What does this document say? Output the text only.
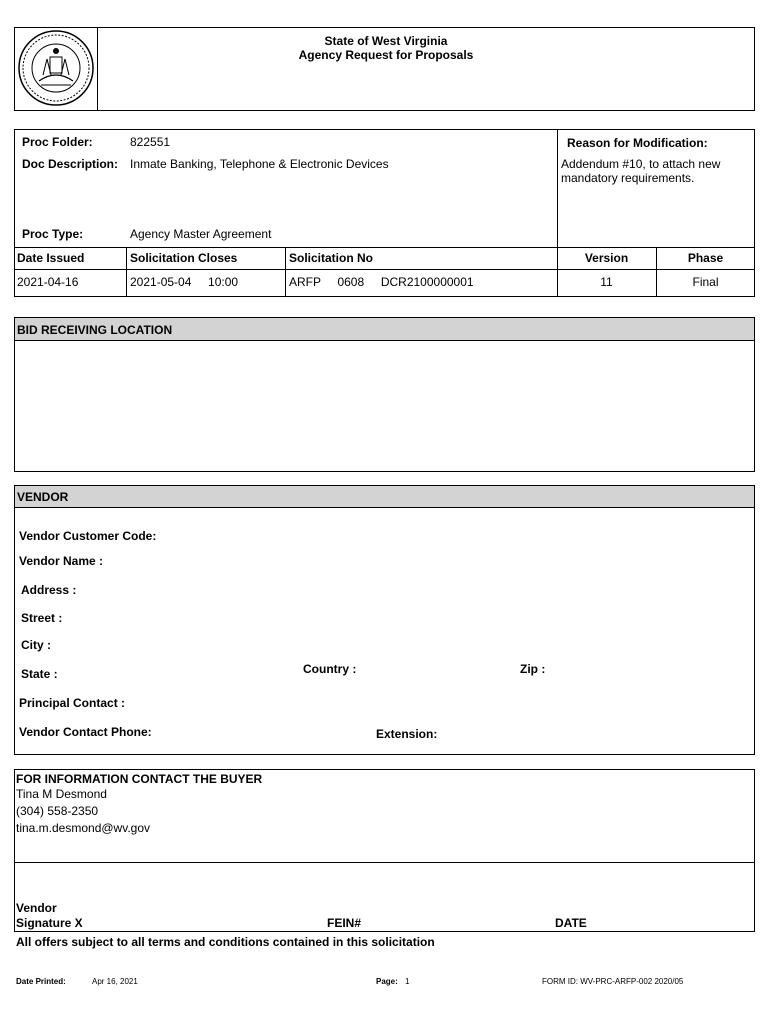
State of West Virginia
Agency Request for Proposals
Proc Folder:	822551
Doc Description: Inmate Banking, Telephone & Electronic Devices
Proc Type:	Agency Master Agreement
Reason for Modification:
Addendum #10, to attach new mandatory requirements.
Date Issued	Solicitation Closes	Solicitation No	Version	Phase
2021-04-16	2021-05-04     10:00	ARFP     0608     DCR2100000001	11	Final
BID RECEIVING LOCATION
VENDOR
Vendor Customer Code:
Vendor Name :
Address :
Street :
City :
State :	Country :	Zip :
Principal Contact :
Vendor Contact Phone:	Extension:
FOR INFORMATION CONTACT THE BUYER
Tina M Desmond
(304) 558-2350
tina.m.desmond@wv.gov
Vendor
Signature X	FEIN#	DATE
All offers subject to all terms and conditions contained in this solicitation
Date Printed:	Apr 16, 2021	Page: 1	FORM ID: WV-PRC-ARFP-002 2020/05
